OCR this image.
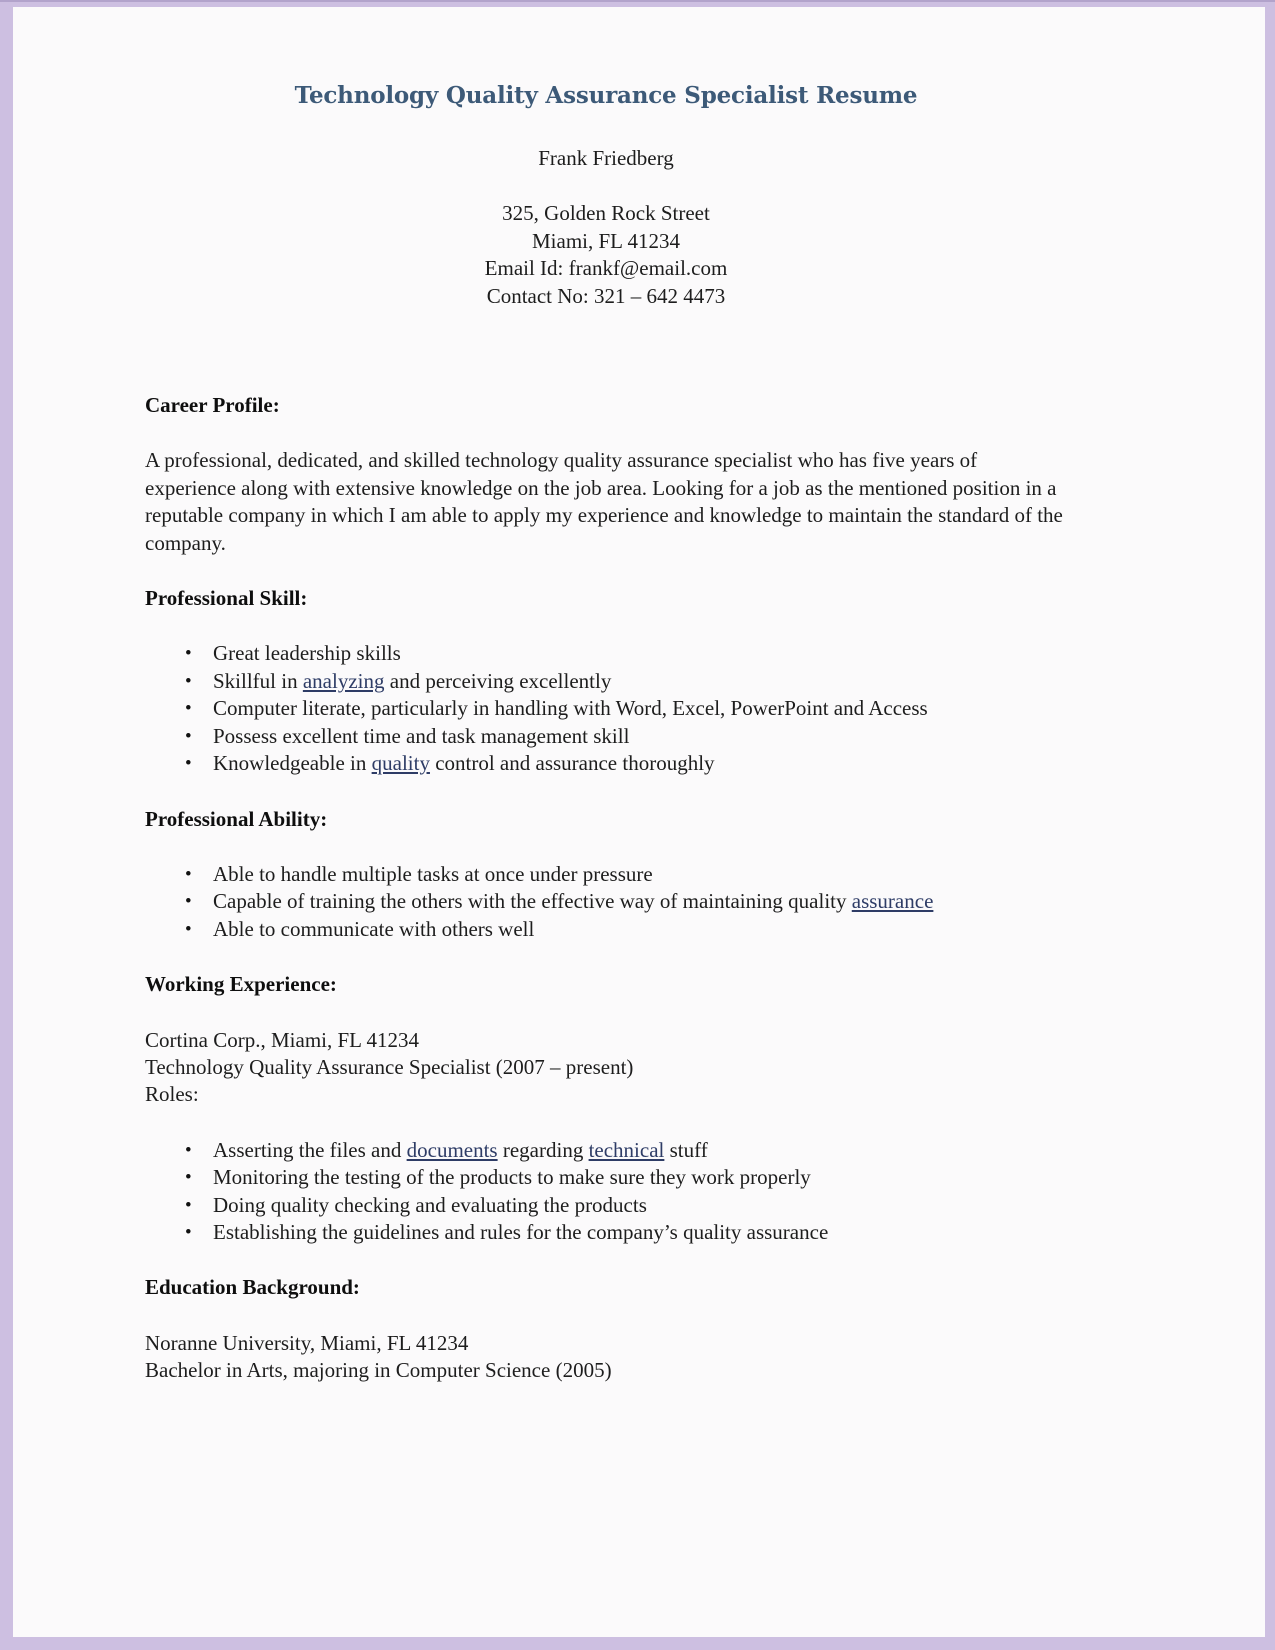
Technology Quality Assurance Specialist Resume
Frank Friedberg
325, Golden Rock Street
Miami, FL 41234
Email Id: frankf@email.com
Contact No: 321 – 642 4473
Career Profile:
A professional, dedicated, and skilled technology quality assurance specialist who has five years of experience along with extensive knowledge on the job area. Looking for a job as the mentioned position in a reputable company in which I am able to apply my experience and knowledge to maintain the standard of the company.
Professional Skill:
• Great leadership skills
• Skillful in analyzing and perceiving excellently
• Computer literate, particularly in handling with Word, Excel, PowerPoint and Access
• Possess excellent time and task management skill
• Knowledgeable in quality control and assurance thoroughly
Professional Ability:
• Able to handle multiple tasks at once under pressure
• Capable of training the others with the effective way of maintaining quality assurance
• Able to communicate with others well
Working Experience:
Cortina Corp., Miami, FL 41234
Technology Quality Assurance Specialist (2007 – present)
Roles:
• Asserting the files and documents regarding technical stuff
• Monitoring the testing of the products to make sure they work properly
• Doing quality checking and evaluating the products
• Establishing the guidelines and rules for the company’s quality assurance
Education Background:
Noranne University, Miami, FL 41234
Bachelor in Arts, majoring in Computer Science (2005)
